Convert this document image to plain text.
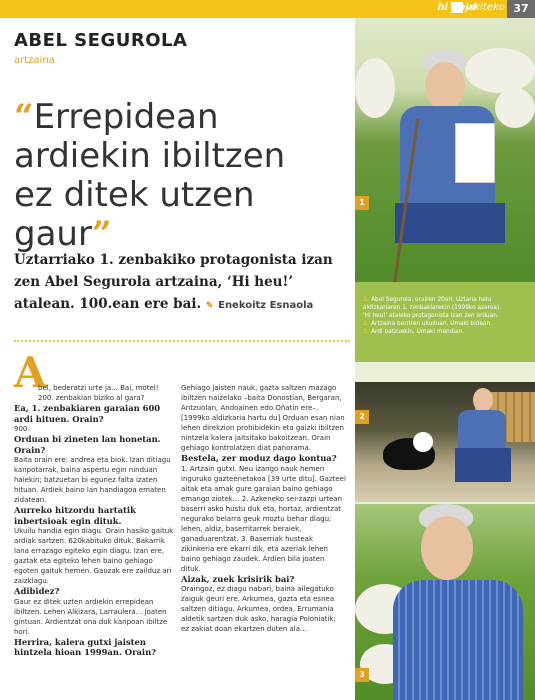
hi heu!
jakiteko 37
ABEL SEGUROLA
artzaina
“Errepidean
ardiekin ibiltzen
ez ditek utzen gaur”
Uztarriako 1. zenbakiko protagonista izan zen Abel Segurola artzaina, ‘Hi heu!’ atalean. 100.ean ere bai. ✎ Enekoitz Esnaola
A
bel, bederatzi urte ja... Bai, motel! 200. zenbakian biziko al gara?
Ea, 1. zenbakiaren garaian 600 ardi hituen. Orain?
900.
Orduan bi zineten lan honetan. Orain?
Baita orain ere: andrea eta biok. Izan ditiagu kanpotarrak, baina aspertu egin ninduan haiekin; batzuetan bi egunez falta izaten hituan. Ardiek baino lan handiagoa ematen zidatean.
Aurreko hitzordu hartatik inbertsioak egin dituk.
Ukuilu handia egin diagu. Orain hasiko gaituk ardiak sartzen. 620kabituko dituk. Bakarrik lana errazago egiteko egin diagu. Izan ere, gaztak eta egiteko lehen baino gehiago egoten gaituk hemen. Gauzak ere zailduz ari zaizkiagu.
Adibidez?
Gaur ez ditek uzten ardiekin errepidean ibiltzen. Lehen Alkizara, Larraulera... joaten gintuan. Ardientzat ona duk kanpoan ibiltze hori.
Herrira, kalera gutxi jaisten hintzela hioan 1999an. Orain?
Gehiago jaisten nauk, gazta saltzen mazago ibiltzen naizelako –baita Donostian, Bergaran, Antzuolan, Andoainen edo Oñatin ere–. [1999ko aldizkaria hartu du] Orduan esan nian lehen direkzion prohibidekin eta gaizki ibiltzen nintzela kalera jaitsitako bakoitzean. Orain gehiago kontrolatzen diat panorama.
Bestela, zer moduz dago kontua?
1. Artzain gutxi. Neu izango nauk hemen inguruko gazteenetakoa [39 urte ditu]. Gazteei aitak eta amak gure garaian baino gehiago emango ziotek... 2. Azkeneko sei-zazpi urtean baserri asko hustu duk eta, hortaz, ardientzat negurako belarra geuk moztu behar diagu; lehen, aldiz, baserritarrek beraiek, ganaduarentzat. 3. Baserriak husteak zikinkeria ere ekarri dik, eta azeriak lehen baino gehiago zaudek. Ardien bila joaten dituk.
Aizak, zuek krisirik bai?
Oraingoz, ez diagu nabari, baina ailegatuko zaiguk geuri ere. Arkumea, gazta eta esnea saltzen ditiagu. Arkumea, ordea, Errumania aldetik sartzen duk asko, haragia Poloniatik; ez zakiat doan ekartzen duten ala...
1
2
3
1. Abel Segurola, orairen 20ari, Uztaria heiu aldizkariaren 1. zenbakiarekin (1999ko azaroa).
'Hi heu!' ataleko protagonista izan zen orduan.
2. Artzaina berriren ukuiluan, Umaki bidean.
3. Ardi batzuekin, Umaki mendian.
